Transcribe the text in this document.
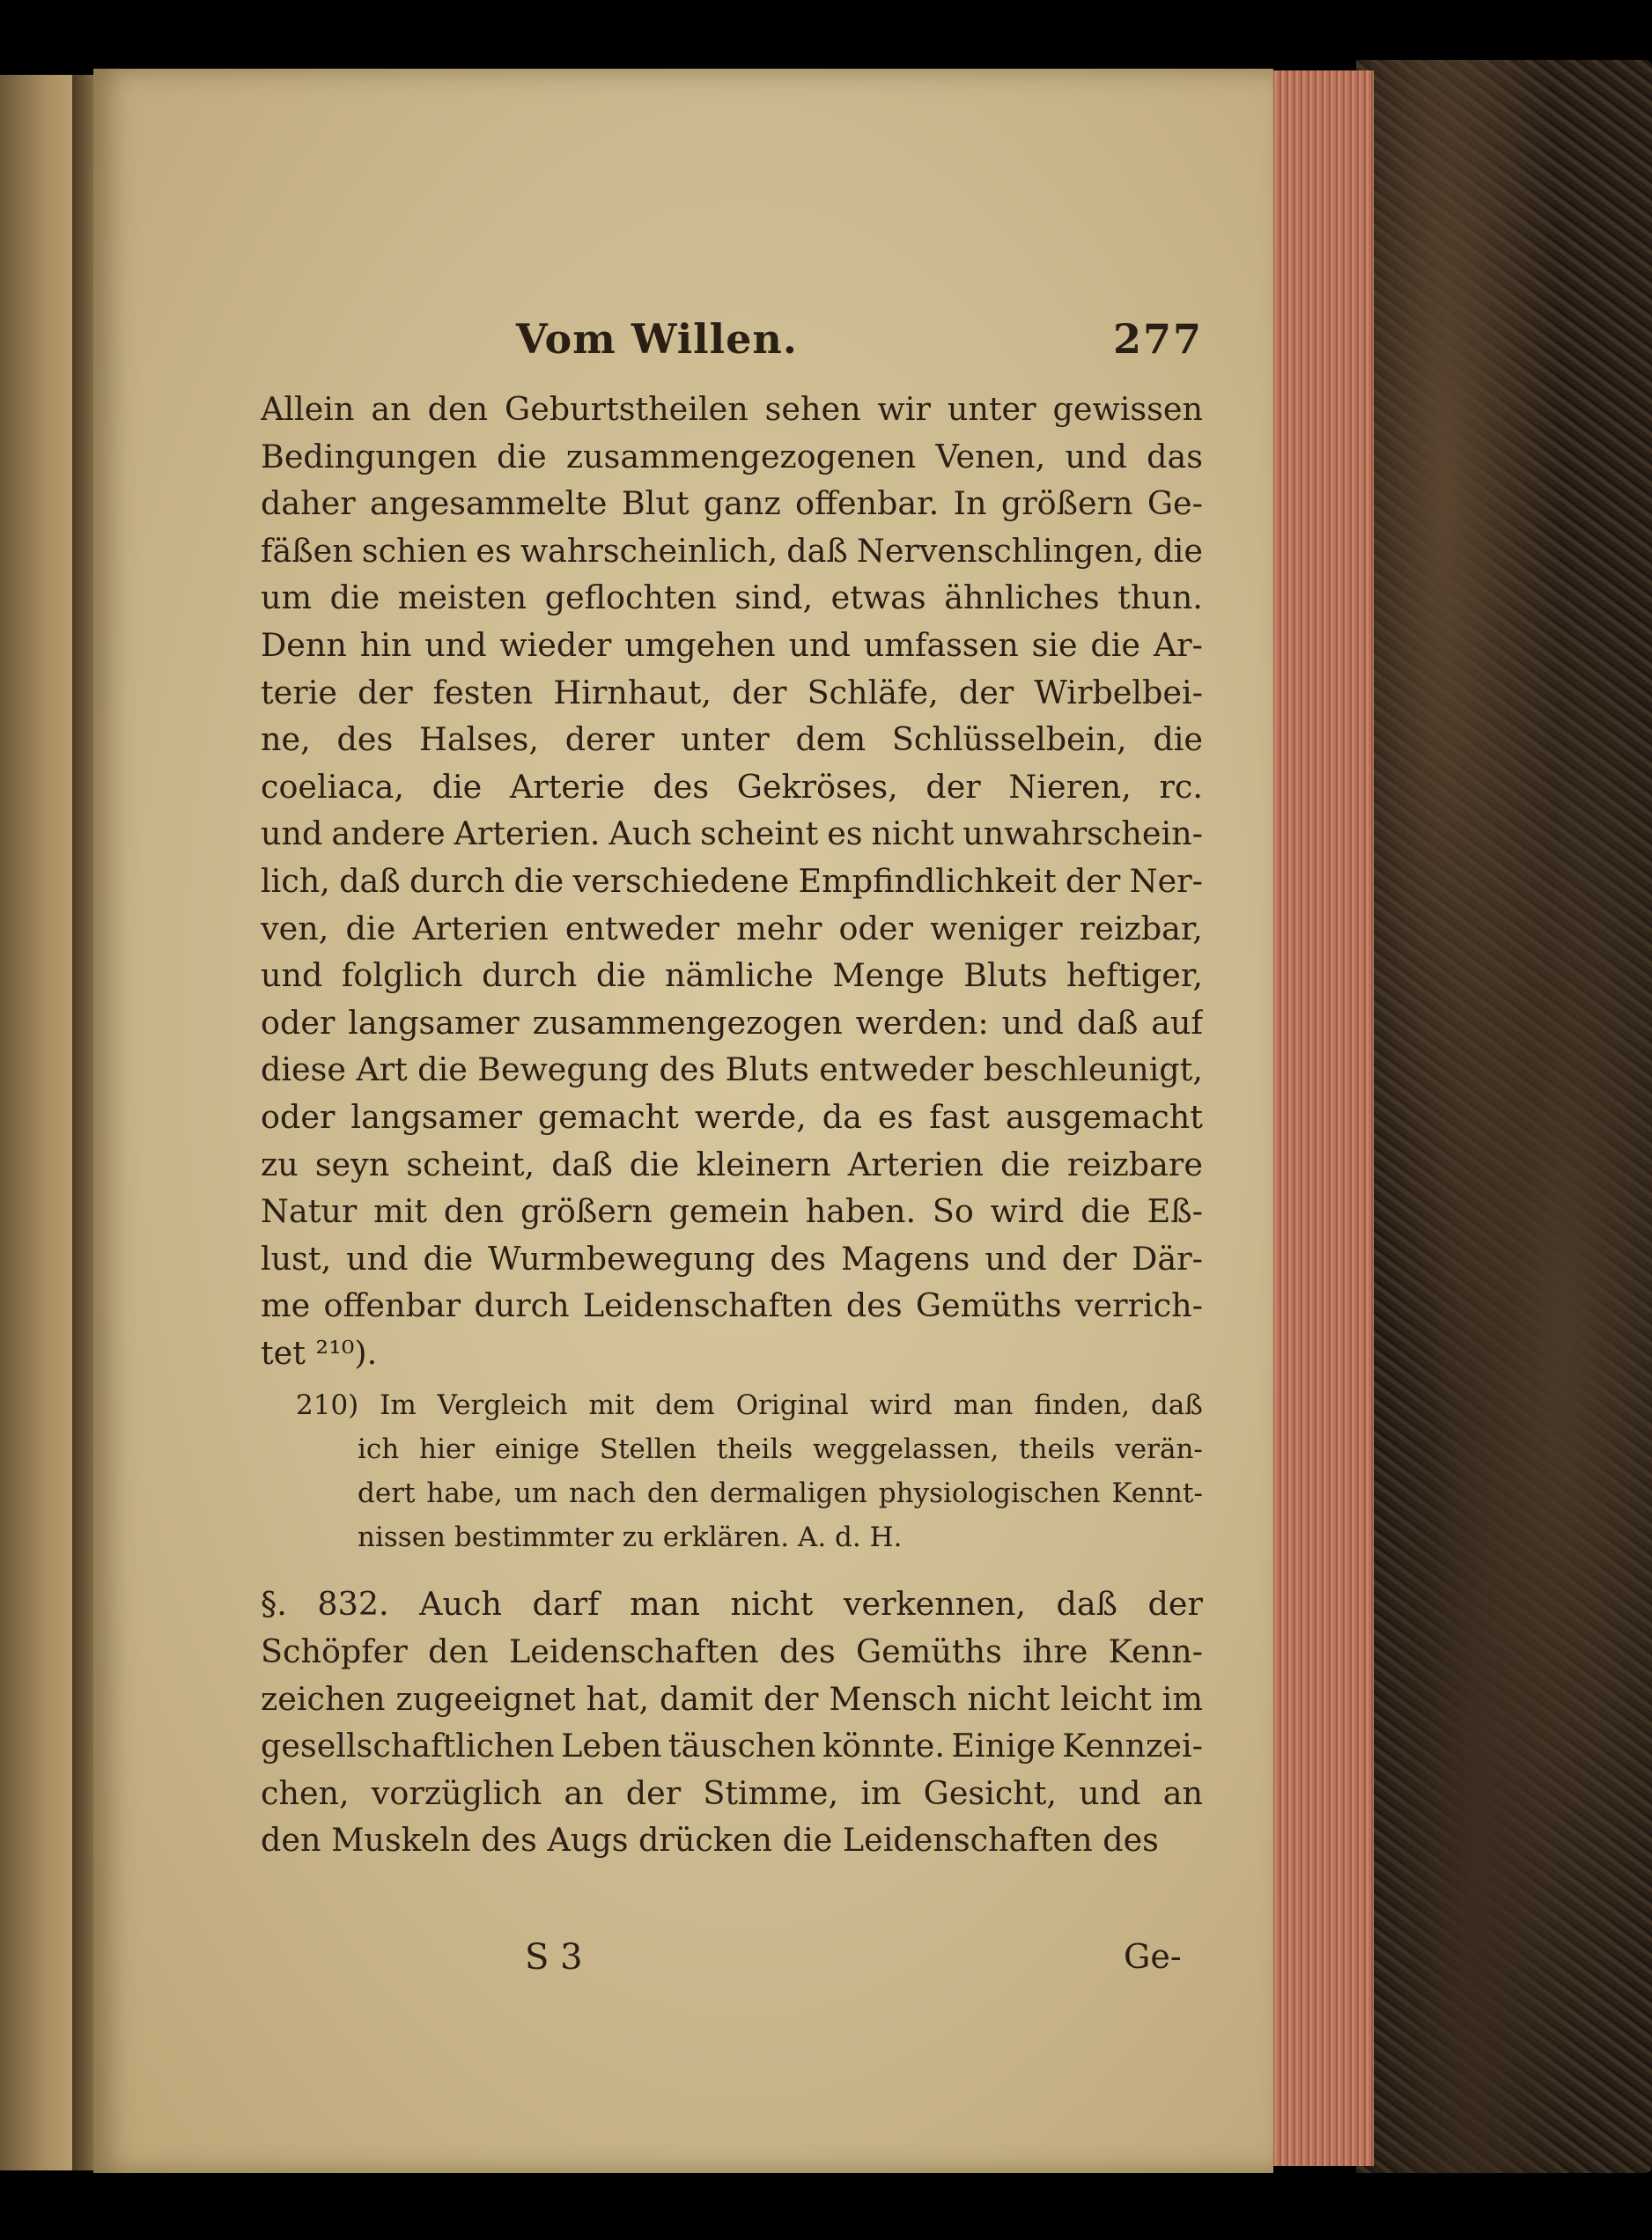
Vom Willen.	277
Allein an den Geburtstheilen sehen wir unter gewissen
Bedingungen die zusammengezogenen Venen, und das
daher angesammelte Blut ganz offenbar. In größern Ge-
fäßen schien es wahrscheinlich, daß Nervenschlingen, die
um die meisten geflochten sind, etwas ähnliches thun.
Denn hin und wieder umgehen und umfassen sie die Ar-
terie der festen Hirnhaut, der Schläfe, der Wirbelbei-
ne, des Halses, derer unter dem Schlüsselbein, die
coeliaca, die Arterie des Gekröses, der Nieren, rc.
und andere Arterien. Auch scheint es nicht unwahrschein-
lich, daß durch die verschiedene Empfindlichkeit der Ner-
ven, die Arterien entweder mehr oder weniger reizbar,
und folglich durch die nämliche Menge Bluts heftiger,
oder langsamer zusammengezogen werden: und daß auf
diese Art die Bewegung des Bluts entweder beschleunigt,
oder langsamer gemacht werde, da es fast ausgemacht
zu seyn scheint, daß die kleinern Arterien die reizbare
Natur mit den größern gemein haben. So wird die Eß-
lust, und die Wurmbewegung des Magens und der Där-
me offenbar durch Leidenschaften des Gemüths verrich-
tet ²¹⁰).
210) Im Vergleich mit dem Original wird man finden, daß
ich hier einige Stellen theils weggelassen, theils verän-
dert habe, um nach den dermaligen physiologischen Kennt-
nissen bestimmter zu erklären. A. d. H.
§. 832. Auch darf man nicht verkennen, daß der
Schöpfer den Leidenschaften des Gemüths ihre Kenn-
zeichen zugeeignet hat, damit der Mensch nicht leicht im
gesellschaftlichen Leben täuschen könnte. Einige Kennzei-
chen, vorzüglich an der Stimme, im Gesicht, und an
den Muskeln des Augs drücken die Leidenschaften des
S 3	Ge-
